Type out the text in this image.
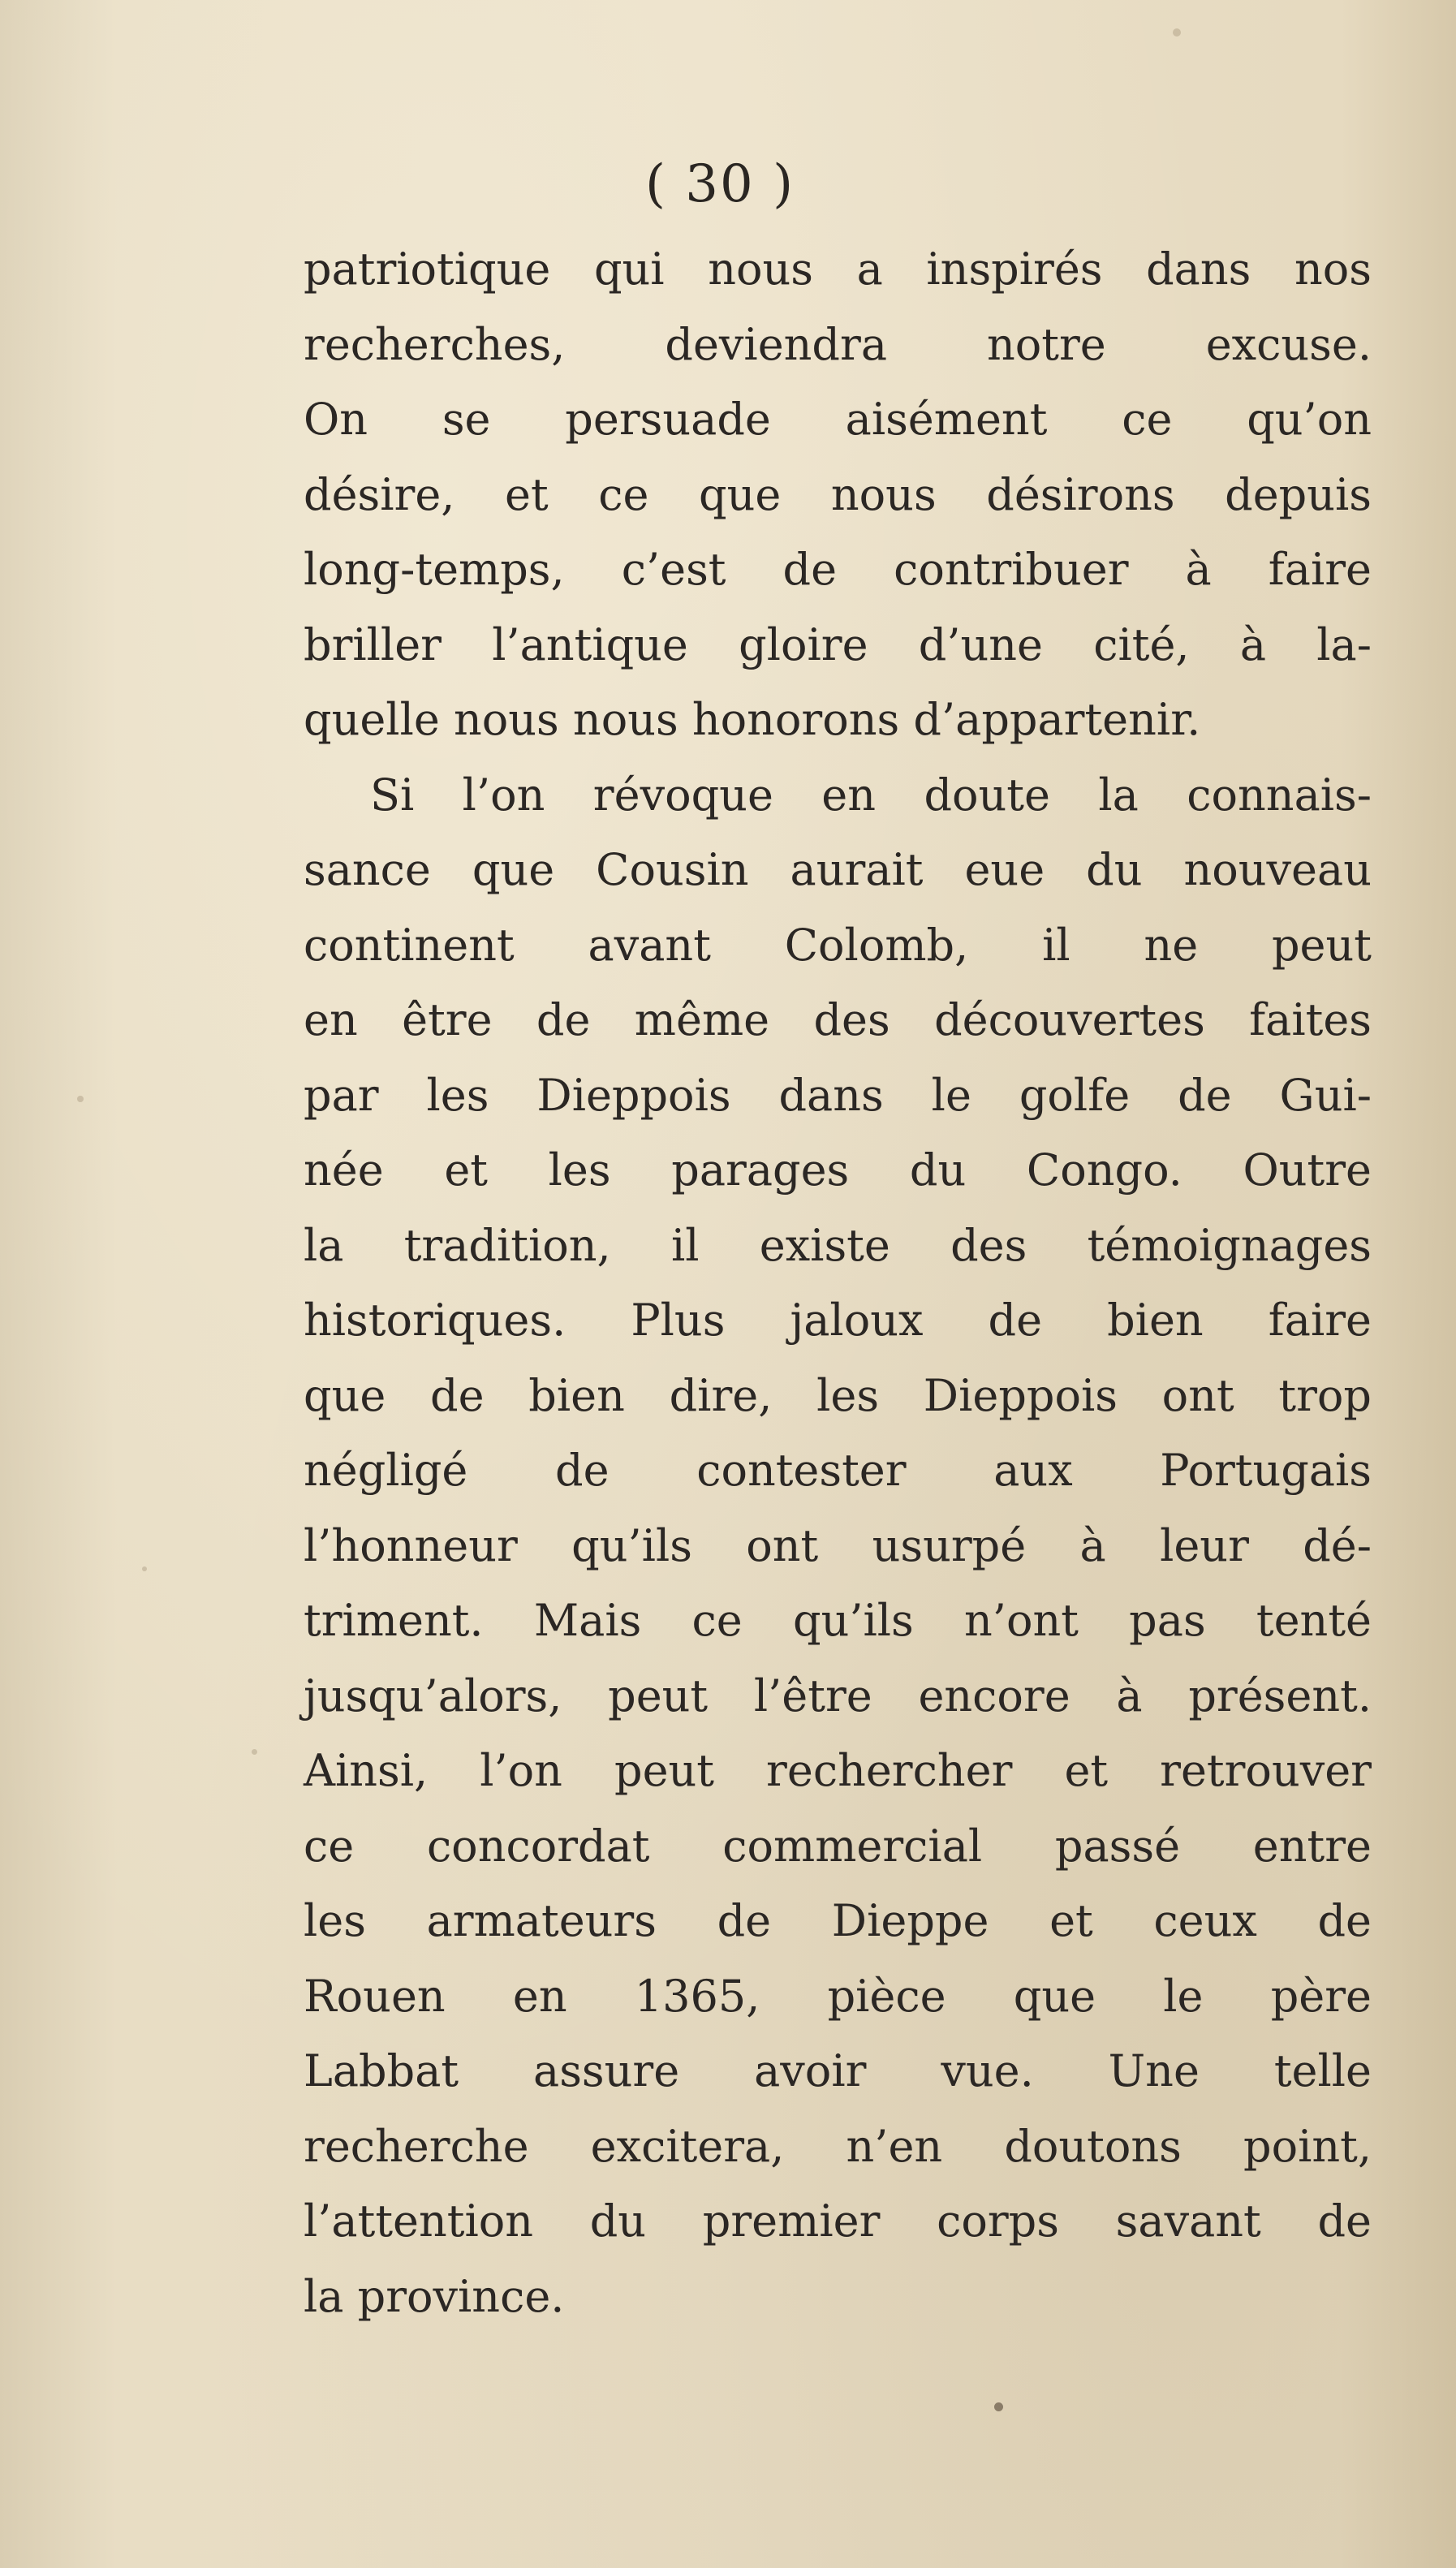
( 30 )
patriotique qui nous a inspirés dans nos
recherches, deviendra notre excuse.
On se persuade aisément ce qu’on
désire, et ce que nous désirons depuis
long-temps, c’est de contribuer à faire
briller l’antique gloire d’une cité, à la-
quelle nous nous honorons d’appartenir.
Si l’on révoque en doute la connais-
sance que Cousin aurait eue du nouveau
continent avant Colomb, il ne peut
en être de même des découvertes faites
par les Dieppois dans le golfe de Gui-
née et les parages du Congo. Outre
la tradition, il existe des témoignages
historiques. Plus jaloux de bien faire
que de bien dire, les Dieppois ont trop
négligé de contester aux Portugais
l’honneur qu’ils ont usurpé à leur dé-
triment. Mais ce qu’ils n’ont pas tenté
jusqu’alors, peut l’être encore à présent.
Ainsi, l’on peut rechercher et retrouver
ce concordat commercial passé entre
les armateurs de Dieppe et ceux de
Rouen en 1365, pièce que le père
Labbat assure avoir vue. Une telle
recherche excitera, n’en doutons point,
l’attention du premier corps savant de
la province.
